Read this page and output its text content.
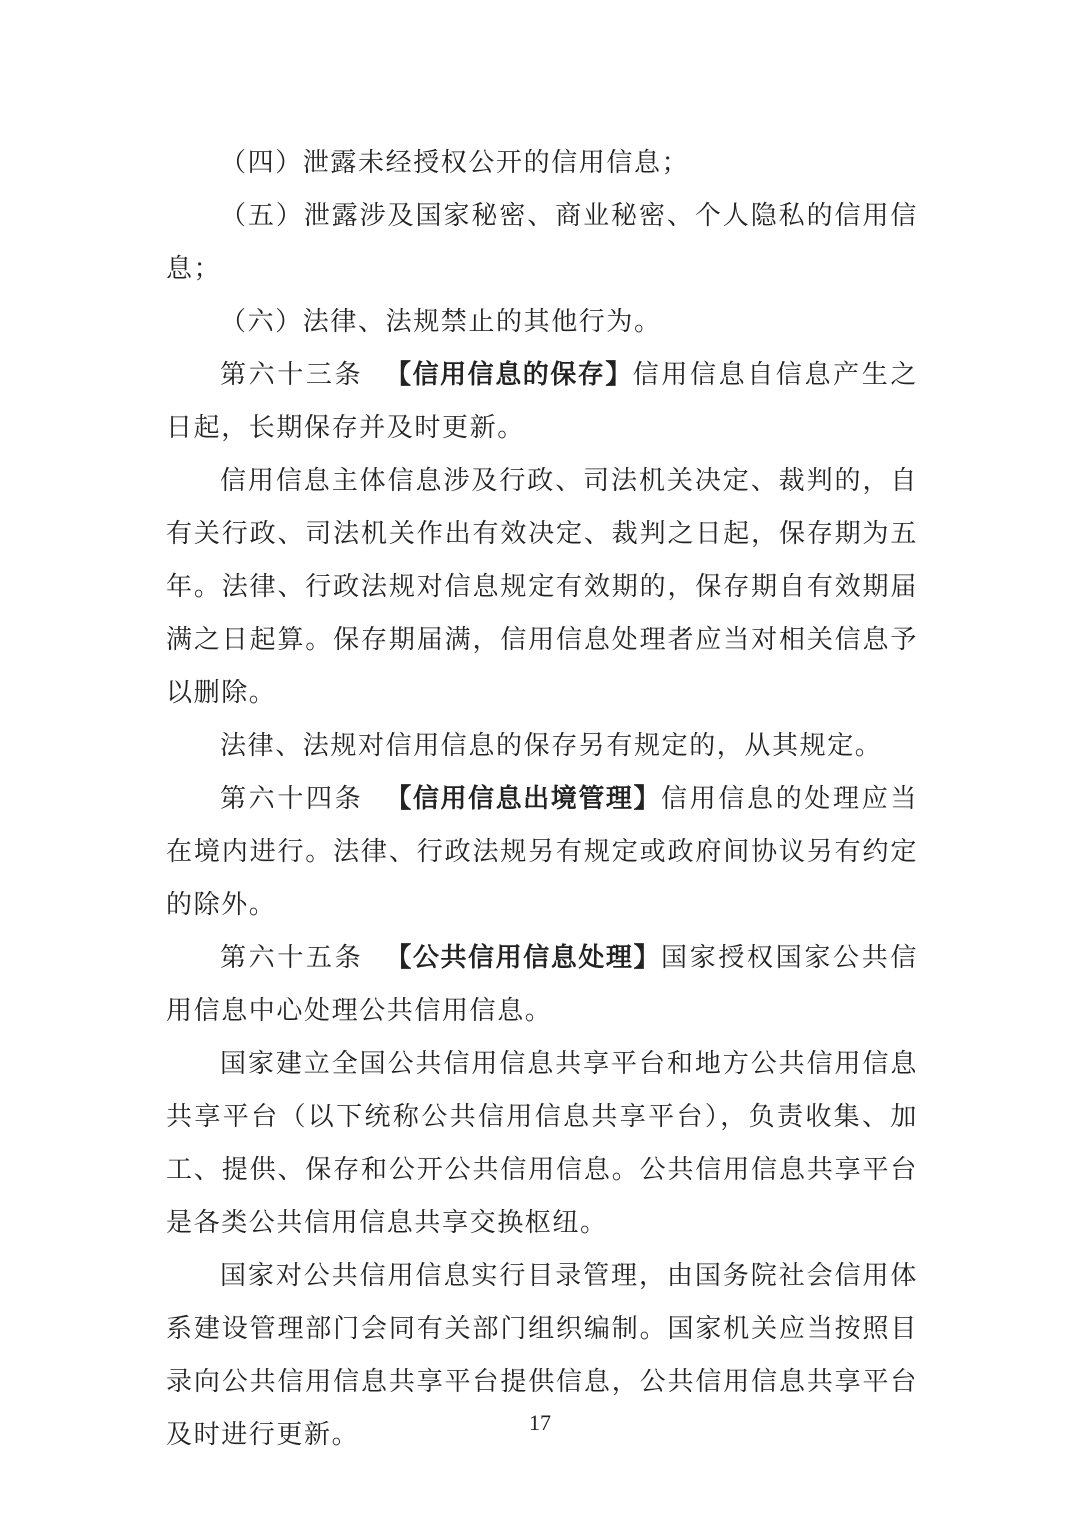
（四）泄露未经授权公开的信用信息；

（五）泄露涉及国家秘密、商业秘密、个人隐私的信用信息；

（六）法律、法规禁止的其他行为。

第六十三条 【信用信息的保存】信用信息自信息产生之日起，长期保存并及时更新。

信用信息主体信息涉及行政、司法机关决定、裁判的，自有关行政、司法机关作出有效决定、裁判之日起，保存期为五年。法律、行政法规对信息规定有效期的，保存期自有效期届满之日起算。保存期届满，信用信息处理者应当对相关信息予以删除。

法律、法规对信用信息的保存另有规定的，从其规定。

第六十四条 【信用信息出境管理】信用信息的处理应当在境内进行。法律、行政法规另有规定或政府间协议另有约定的除外。

第六十五条 【公共信用信息处理】国家授权国家公共信用信息中心处理公共信用信息。

国家建立全国公共信用信息共享平台和地方公共信用信息共享平台（以下统称公共信用信息共享平台），负责收集、加工、提供、保存和公开公共信用信息。公共信用信息共享平台是各类公共信用信息共享交换枢纽。

国家对公共信用信息实行目录管理，由国务院社会信用体系建设管理部门会同有关部门组织编制。国家机关应当按照目录向公共信用信息共享平台提供信息，公共信用信息共享平台及时进行更新。	17
